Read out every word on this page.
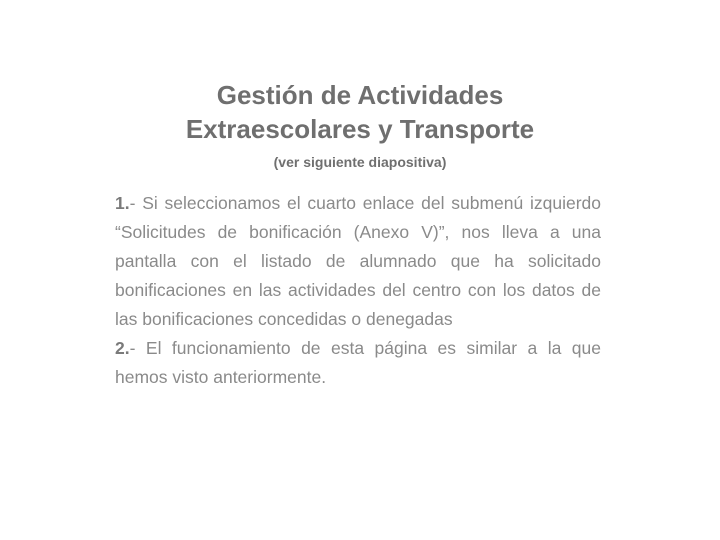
Gestión de Actividades
Extraescolares y Transporte
(ver siguiente diapositiva)

1.- Si seleccionamos el cuarto enlace del submenú izquierdo “Solicitudes de bonificación (Anexo V)”, nos lleva a una pantalla con el listado de alumnado que ha solicitado bonificaciones en las actividades del centro con los datos de las bonificaciones concedidas o denegadas

2.- El funcionamiento de esta página es similar a la que hemos visto anteriormente.
